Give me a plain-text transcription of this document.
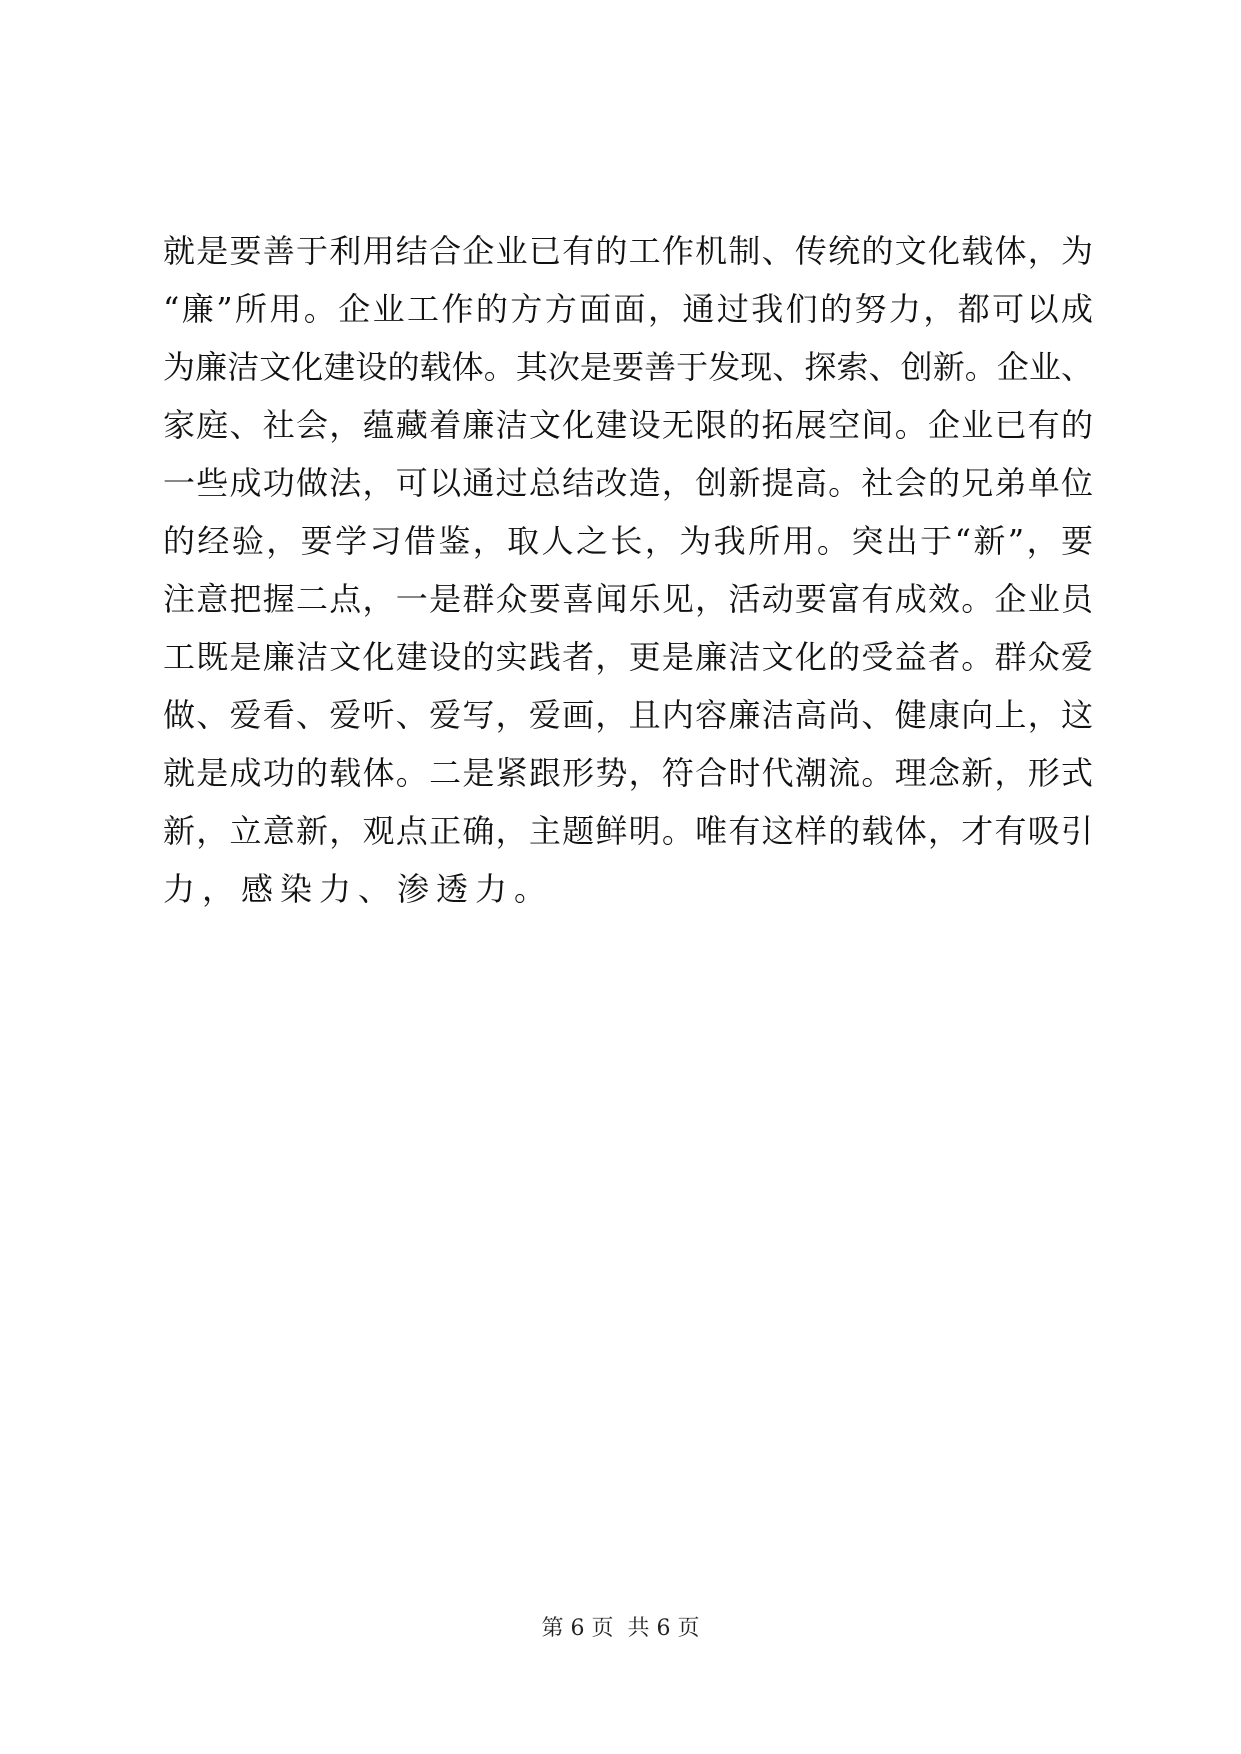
就是要善于利用结合企业已有的工作机制、传统的文化载体，为
“廉”所用。企业工作的方方面面，通过我们的努力，都可以成
为廉洁文化建设的载体。其次是要善于发现、探索、创新。企业、
家庭、社会，蕴藏着廉洁文化建设无限的拓展空间。企业已有的
一些成功做法，可以通过总结改造，创新提高。社会的兄弟单位
的经验，要学习借鉴，取人之长，为我所用。突出于“新”，要
注意把握二点，一是群众要喜闻乐见，活动要富有成效。企业员
工既是廉洁文化建设的实践者，更是廉洁文化的受益者。群众爱
做、爱看、爱听、爱写，爱画，且内容廉洁高尚、健康向上，这
就是成功的载体。二是紧跟形势，符合时代潮流。理念新，形式
新，立意新，观点正确，主题鲜明。唯有这样的载体，才有吸引
力，感染力、渗透力。
第 6 页 共 6 页
